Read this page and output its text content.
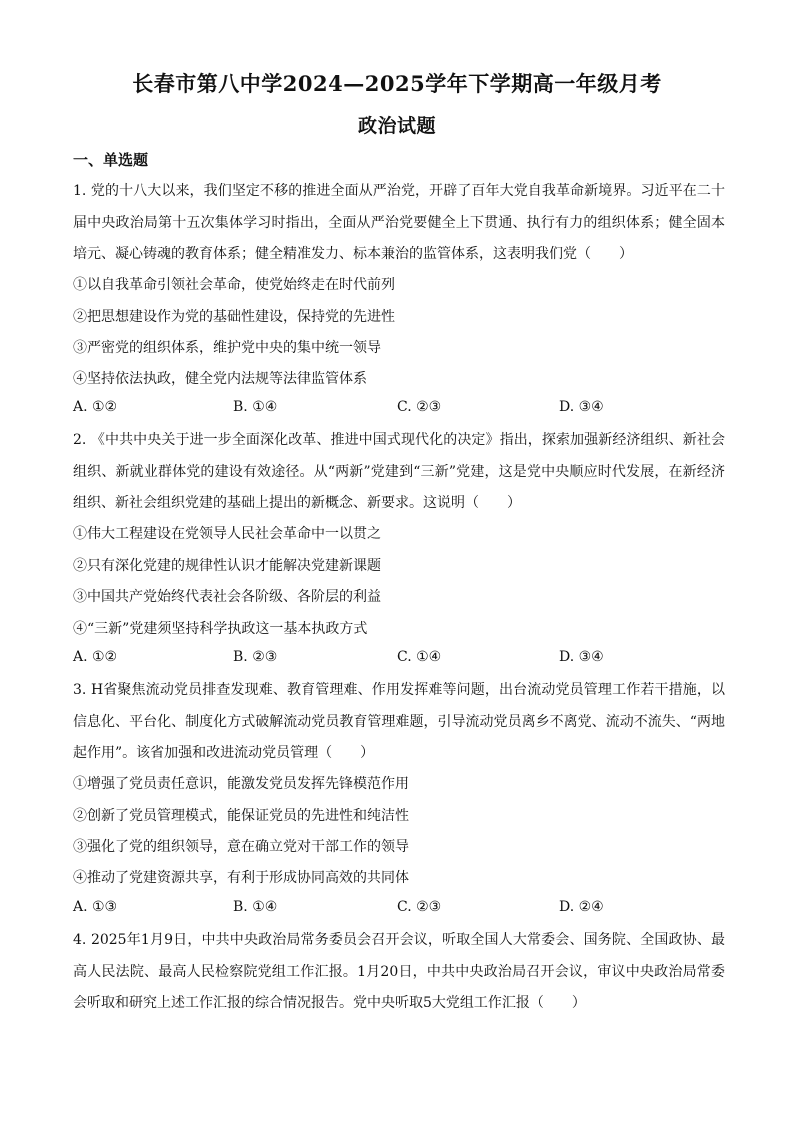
长春市第八中学2024—2025学年下学期高一年级月考
政治试题
一、单选题
1. 党的十八大以来，我们坚定不移的推进全面从严治党，开辟了百年大党自我革命新境界。习近平在二十届中央政治局第十五次集体学习时指出，全面从严治党要健全上下贯通、执行有力的组织体系；健全固本培元、凝心铸魂的教育体系；健全精准发力、标本兼治的监管体系，这表明我们党（　　）
①以自我革命引领社会革命，使党始终走在时代前列
②把思想建设作为党的基础性建设，保持党的先进性
③严密党的组织体系，维护党中央的集中统一领导
④坚持依法执政，健全党内法规等法律监管体系
A. ①②	B. ①④	C. ②③	D. ③④
2. 《中共中央关于进一步全面深化改革、推进中国式现代化的决定》指出，探索加强新经济组织、新社会组织、新就业群体党的建设有效途径。从“两新”党建到“三新”党建，这是党中央顺应时代发展，在新经济组织、新社会组织党建的基础上提出的新概念、新要求。这说明（　　）
①伟大工程建设在党领导人民社会革命中一以贯之
②只有深化党建的规律性认识才能解决党建新课题
③中国共产党始终代表社会各阶级、各阶层的利益
④“三新”党建须坚持科学执政这一基本执政方式
A. ①②	B. ②③	C. ①④	D. ③④
3. H省聚焦流动党员排查发现难、教育管理难、作用发挥难等问题，出台流动党员管理工作若干措施，以信息化、平台化、制度化方式破解流动党员教育管理难题，引导流动党员离乡不离党、流动不流失、“两地起作用”。该省加强和改进流动党员管理（　　）
①增强了党员责任意识，能激发党员发挥先锋模范作用
②创新了党员管理模式，能保证党员的先进性和纯洁性
③强化了党的组织领导，意在确立党对干部工作的领导
④推动了党建资源共享，有利于形成协同高效的共同体
A. ①③	B. ①④	C. ②③	D. ②④
4. 2025年1月9日，中共中央政治局常务委员会召开会议，听取全国人大常委会、国务院、全国政协、最高人民法院、最高人民检察院党组工作汇报。1月20日，中共中央政治局召开会议，审议中央政治局常委会听取和研究上述工作汇报的综合情况报告。党中央听取5大党组工作汇报（　　）
